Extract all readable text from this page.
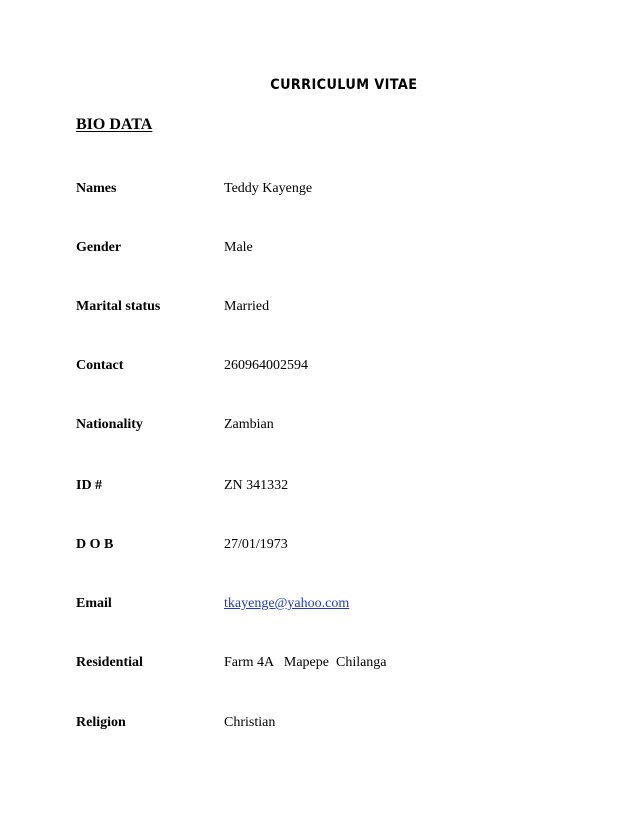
CURRICULUM VITAE
BIO DATA
Names	Teddy Kayenge
Gender	Male
Marital status	Married
Contact	260964002594
Nationality	Zambian
ID #	ZN 341332
D O B	27/01/1973
Email	tkayenge@yahoo.com
Residential	Farm 4A   Mapepe  Chilanga
Religion	Christian
